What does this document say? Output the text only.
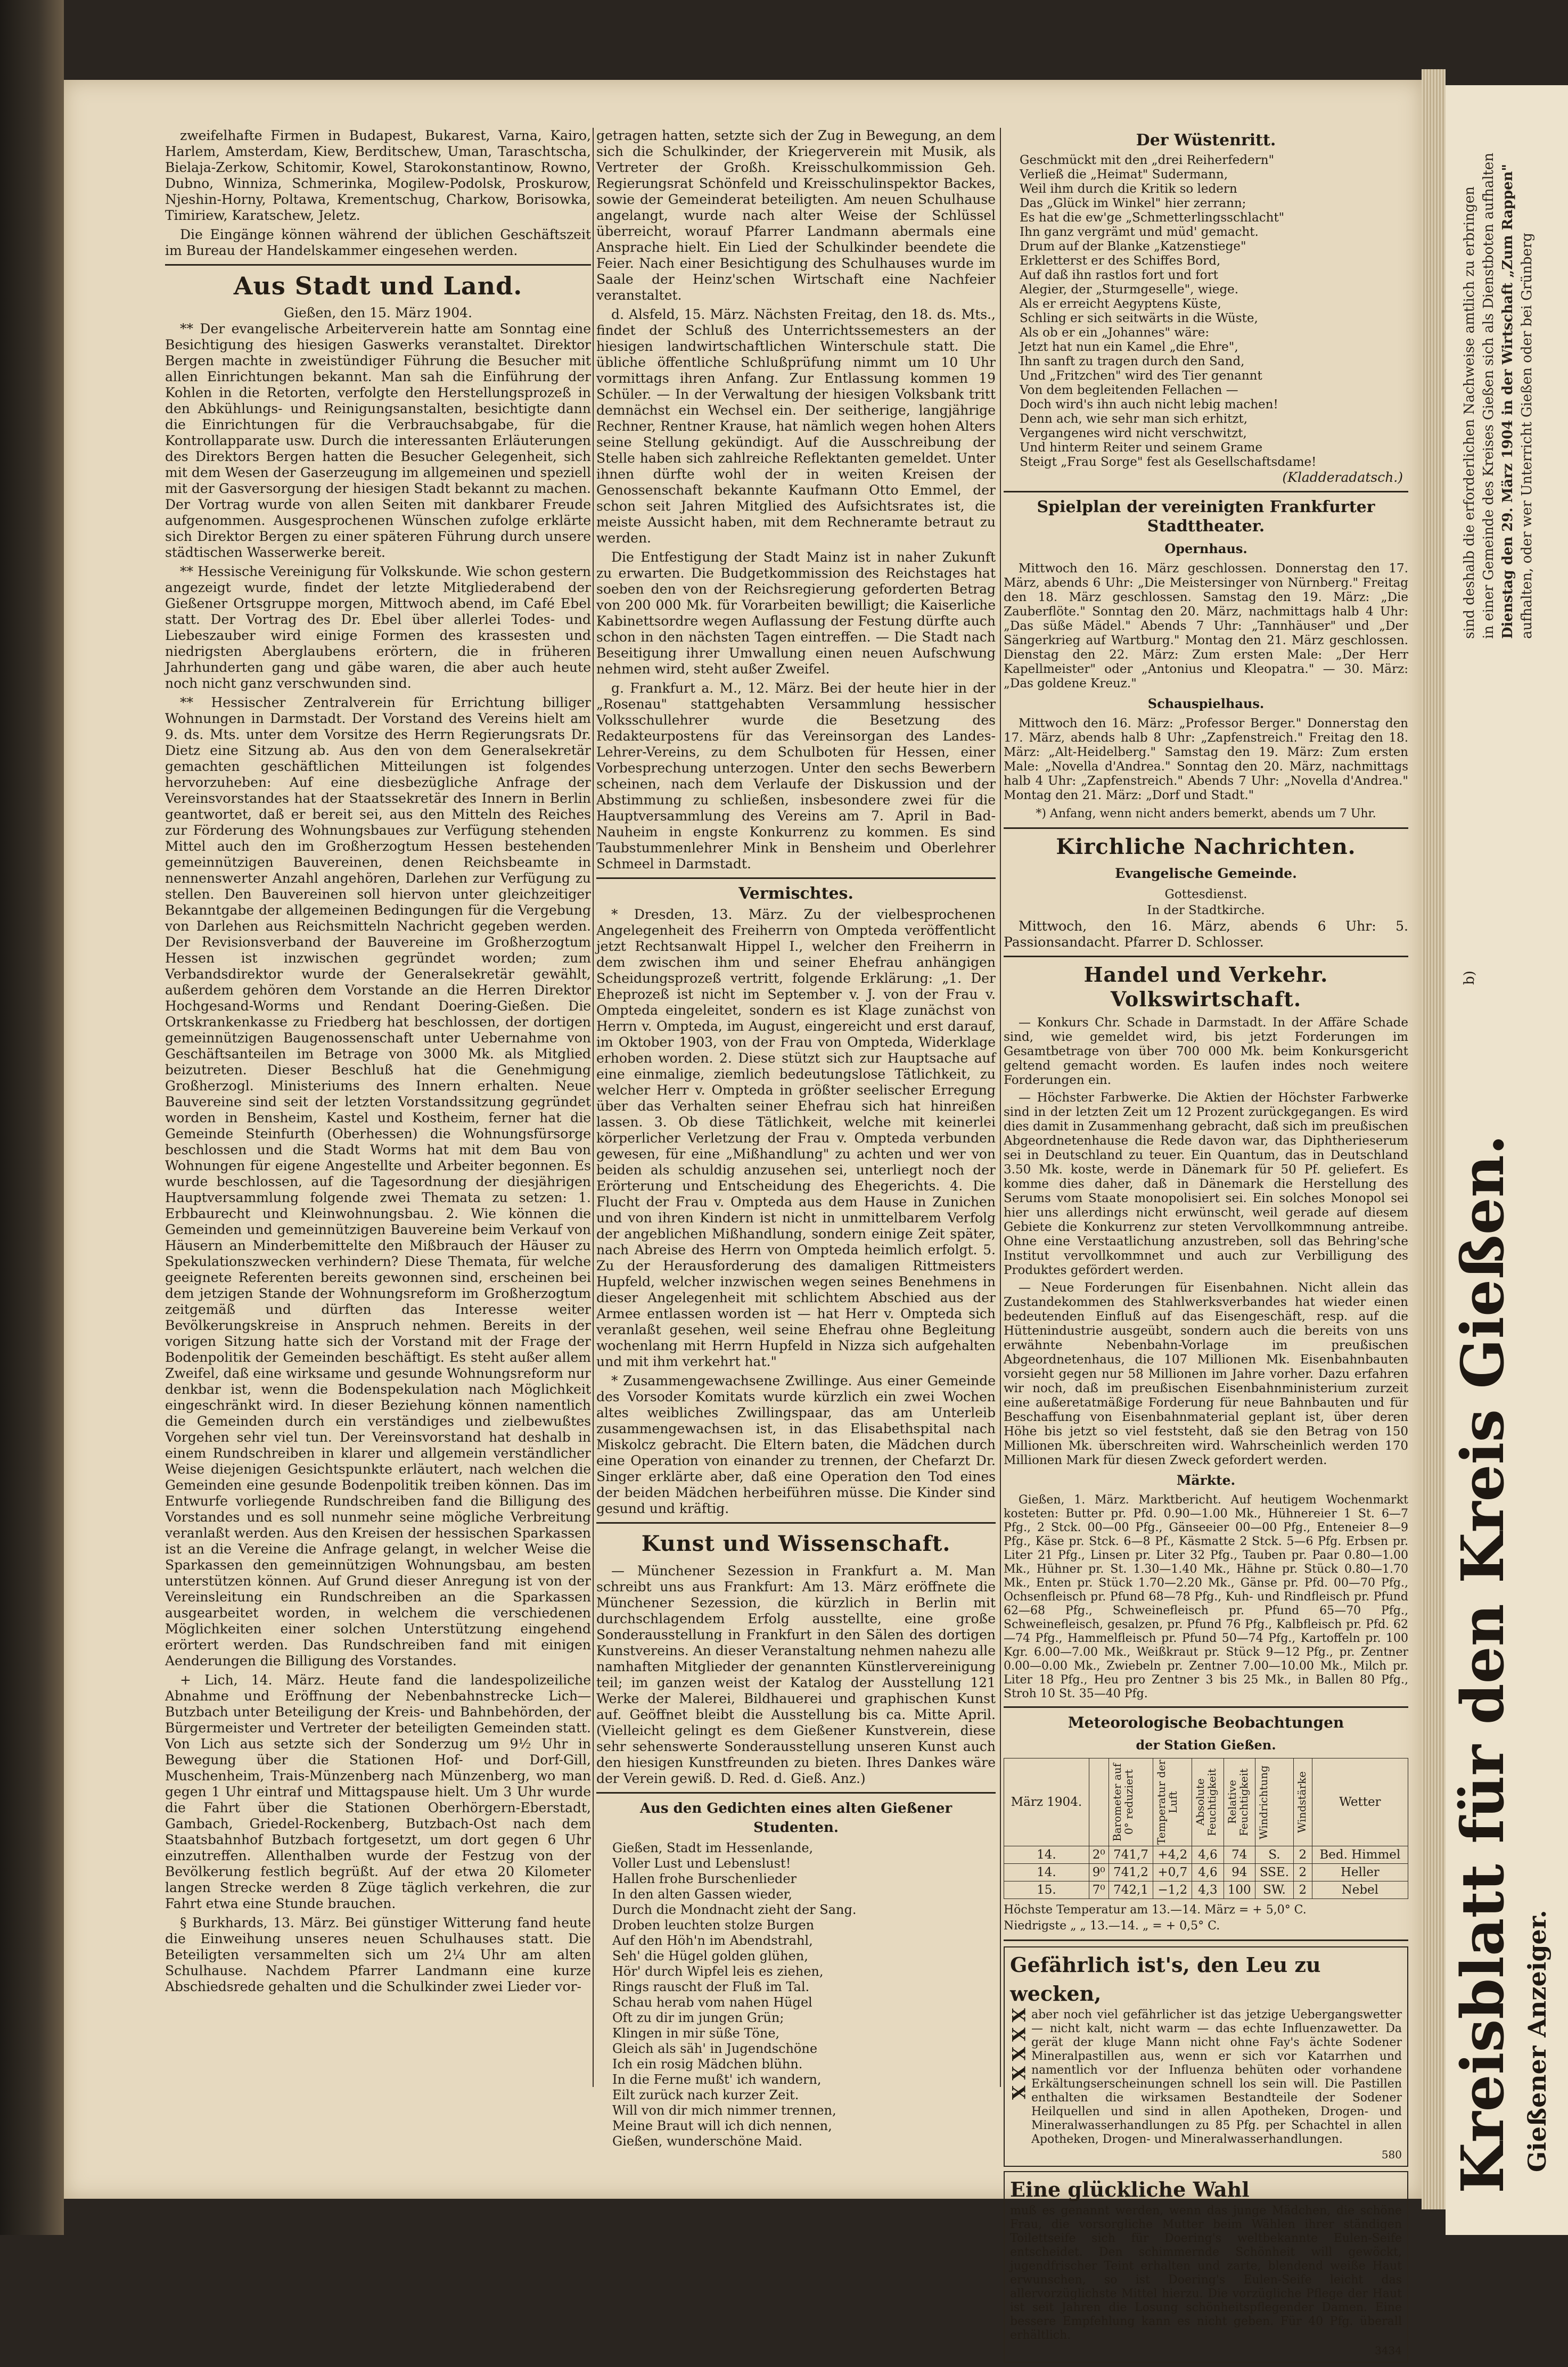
sind deshalb die erforderlichen Nachweise amtlich zu erbringen in einer Gemeinde des Kreises Gießen sich als Dienstboten aufhalten Dienstag den 29. März 1904 in der Wirtschaft „Zum Rappen" aufhalten, oder wer Unterricht Gießen oder bei Grünberg
b)
Kreisblatt für den Kreis Gießen. Gießener Anzeiger.

zweifelhafte Firmen in Budapest, Bukarest, Varna, Kairo, Harlem, Amsterdam, Kiew, Berditschew, Uman, Taraschtscha, Bielaja-Zerkow, Schitomir, Kowel, Starokonstantinow, Rowno, Dubno, Winniza, Schmerinka, Mogilew-Podolsk, Proskurow, Njeshin-Horny, Poltawa, Krementschug, Charkow, Borisowka, Timiriew, Karatschew, Jeletz.

Die Eingänge können während der üblichen Geschäftszeit im Bureau der Handelskammer eingesehen werden.

Aus Stadt und Land.
Gießen, den 15. März 1904.

** Der evangelische Arbeiterverein hatte am Sonntag eine Besichtigung des hiesigen Gaswerks veranstaltet. Direktor Bergen machte in zweistündiger Führung die Besucher mit allen Einrichtungen bekannt. Man sah die Einführung der Kohlen in die Retorten, verfolgte den Herstellungsprozeß in den Abkühlungs- und Reinigungsanstalten, besichtigte dann die Einrichtungen für die Verbrauchsabgabe, für die Kontrollapparate usw. Durch die interessanten Erläuterungen des Direktors Bergen hatten die Besucher Gelegenheit, sich mit dem Wesen der Gaserzeugung im allgemeinen und speziell mit der Gasversorgung der hiesigen Stadt bekannt zu machen. Der Vortrag wurde von allen Seiten mit dankbarer Freude aufgenommen. Ausgesprochenen Wünschen zufolge erklärte sich Direktor Bergen zu einer späteren Führung durch unsere städtischen Wasserwerke bereit.

** Hessische Vereinigung für Volkskunde. Wie schon gestern angezeigt wurde, findet der letzte Mitgliederabend der Gießener Ortsgruppe morgen, Mittwoch abend, im Café Ebel statt. Der Vortrag des Dr. Ebel über allerlei Todes- und Liebeszauber wird einige Formen des krassesten und niedrigsten Aberglaubens erörtern, die in früheren Jahrhunderten gang und gäbe waren, die aber auch heute noch nicht ganz verschwunden sind.

** Hessischer Zentralverein für Errichtung billiger Wohnungen in Darmstadt. Der Vorstand des Vereins hielt am 9. ds. Mts. unter dem Vorsitze des Herrn Regierungsrats Dr. Dietz eine Sitzung ab. Aus den von dem Generalsekretär gemachten geschäftlichen Mitteilungen ist folgendes hervorzuheben: Auf eine diesbezügliche Anfrage der Vereinsvorstandes hat der Staatssekretär des Innern in Berlin geantwortet, daß er bereit sei, aus den Mitteln des Reiches zur Förderung des Wohnungsbaues zur Verfügung stehenden Mittel auch den im Großherzogtum Hessen bestehenden gemeinnützigen Bauvereinen, denen Reichsbeamte in nennenswerter Anzahl angehören, Darlehen zur Verfügung zu stellen. Den Bauvereinen soll hiervon unter gleichzeitiger Bekanntgabe der allgemeinen Bedingungen für die Vergebung von Darlehen aus Reichsmitteln Nachricht gegeben werden. Der Revisionsverband der Bauvereine im Großherzogtum Hessen ist inzwischen gegründet worden; zum Verbandsdirektor wurde der Generalsekretär gewählt, außerdem gehören dem Vorstande an die Herren Direktor Hochgesand-Worms und Rendant Doering-Gießen. Die Ortskrankenkasse zu Friedberg hat beschlossen, der dortigen gemeinnützigen Baugenossenschaft unter Uebernahme von Geschäftsanteilen im Betrage von 3000 Mk. als Mitglied beizutreten. Dieser Beschluß hat die Genehmigung Großherzogl. Ministeriums des Innern erhalten. Neue Bauvereine sind seit der letzten Vorstandssitzung gegründet worden in Bensheim, Kastel und Kostheim, ferner hat die Gemeinde Steinfurth (Oberhessen) die Wohnungsfürsorge beschlossen und die Stadt Worms hat mit dem Bau von Wohnungen für eigene Angestellte und Arbeiter begonnen. Es wurde beschlossen, auf die Tagesordnung der diesjährigen Hauptversammlung folgende zwei Themata zu setzen: 1. Erbbaurecht und Kleinwohnungsbau. 2. Wie können die Gemeinden und gemeinnützigen Bauvereine beim Verkauf von Häusern an Minderbemittelte den Mißbrauch der Häuser zu Spekulationszwecken verhindern? Diese Themata, für welche geeignete Referenten bereits gewonnen sind, erscheinen bei dem jetzigen Stande der Wohnungsreform im Großherzogtum zeitgemäß und dürften das Interesse weiter Bevölkerungskreise in Anspruch nehmen. Bereits in der vorigen Sitzung hatte sich der Vorstand mit der Frage der Bodenpolitik der Gemeinden beschäftigt. Es steht außer allem Zweifel, daß eine wirksame und gesunde Wohnungsreform nur denkbar ist, wenn die Bodenspekulation nach Möglichkeit eingeschränkt wird. In dieser Beziehung können namentlich die Gemeinden durch ein verständiges und zielbewußtes Vorgehen sehr viel tun. Der Vereinsvorstand hat deshalb in einem Rundschreiben in klarer und allgemein verständlicher Weise diejenigen Gesichtspunkte erläutert, nach welchen die Gemeinden eine gesunde Bodenpolitik treiben können. Das im Entwurfe vorliegende Rundschreiben fand die Billigung des Vorstandes und es soll nunmehr seine mögliche Verbreitung veranlaßt werden. Aus den Kreisen der hessischen Sparkassen ist an die Vereine die Anfrage gelangt, in welcher Weise die Sparkassen den gemeinnützigen Wohnungsbau, am besten unterstützen können. Auf Grund dieser Anregung ist von der Vereinsleitung ein Rundschreiben an die Sparkassen ausgearbeitet worden, in welchem die verschiedenen Möglichkeiten einer solchen Unterstützung eingehend erörtert werden. Das Rundschreiben fand mit einigen Aenderungen die Billigung des Vorstandes.

+ Lich, 14. März. Heute fand die landespolizeiliche Abnahme und Eröffnung der Nebenbahnstrecke Lich—Butzbach unter Beteiligung der Kreis- und Bahnbehörden, der Bürgermeister und Vertreter der beteiligten Gemeinden statt. Von Lich aus setzte sich der Sonderzug um 9½ Uhr in Bewegung über die Stationen Hof- und Dorf-Gill, Muschenheim, Trais-Münzenberg nach Münzenberg, wo man gegen 1 Uhr eintraf und Mittagspause hielt. Um 3 Uhr wurde die Fahrt über die Stationen Oberhörgern-Eberstadt, Gambach, Griedel-Rockenberg, Butzbach-Ost nach dem Staatsbahnhof Butzbach fortgesetzt, um dort gegen 6 Uhr einzutreffen. Allenthalben wurde der Festzug von der Bevölkerung festlich begrüßt. Auf der etwa 20 Kilometer langen Strecke werden 8 Züge täglich verkehren, die zur Fahrt etwa eine Stunde brauchen.

§ Burkhards, 13. März. Bei günstiger Witterung fand heute die Einweihung unseres neuen Schulhauses statt. Die Beteiligten versammelten sich um 2¼ Uhr am alten Schulhause. Nachdem Pfarrer Landmann eine kurze Abschiedsrede gehalten und die Schulkinder zwei Lieder vor-

getragen hatten, setzte sich der Zug in Bewegung, an dem sich die Schulkinder, der Kriegerverein mit Musik, als Vertreter der Großh. Kreisschulkommission Geh. Regierungsrat Schönfeld und Kreisschulinspektor Backes, sowie der Gemeinderat beteiligten. Am neuen Schulhause angelangt, wurde nach alter Weise der Schlüssel überreicht, worauf Pfarrer Landmann abermals eine Ansprache hielt. Ein Lied der Schulkinder beendete die Feier. Nach einer Besichtigung des Schulhauses wurde im Saale der Heinz'schen Wirtschaft eine Nachfeier veranstaltet.

d. Alsfeld, 15. März. Nächsten Freitag, den 18. ds. Mts., findet der Schluß des Unterrichtssemesters an der hiesigen landwirtschaftlichen Winterschule statt. Die übliche öffentliche Schlußprüfung nimmt um 10 Uhr vormittags ihren Anfang. Zur Entlassung kommen 19 Schüler. — In der Verwaltung der hiesigen Volksbank tritt demnächst ein Wechsel ein. Der seitherige, langjährige Rechner, Rentner Krause, hat nämlich wegen hohen Alters seine Stellung gekündigt. Auf die Ausschreibung der Stelle haben sich zahlreiche Reflektanten gemeldet. Unter ihnen dürfte wohl der in weiten Kreisen der Genossenschaft bekannte Kaufmann Otto Emmel, der schon seit Jahren Mitglied des Aufsichtsrates ist, die meiste Aussicht haben, mit dem Rechneramte betraut zu werden.

Die Entfestigung der Stadt Mainz ist in naher Zukunft zu erwarten. Die Budgetkommission des Reichstages hat soeben den von der Reichsregierung geforderten Betrag von 200 000 Mk. für Vorarbeiten bewilligt; die Kaiserliche Kabinettsordre wegen Auflassung der Festung dürfte auch schon in den nächsten Tagen eintreffen. — Die Stadt nach Beseitigung ihrer Umwallung einen neuen Aufschwung nehmen wird, steht außer Zweifel.

g. Frankfurt a. M., 12. März. Bei der heute hier in der „Rosenau" stattgehabten Versammlung hessischer Volksschullehrer wurde die Besetzung des Redakteurpostens für das Vereinsorgan des Landes-Lehrer-Vereins, zu dem Schulboten für Hessen, einer Vorbesprechung unterzogen. Unter den sechs Bewerbern scheinen, nach dem Verlaufe der Diskussion und der Abstimmung zu schließen, insbesondere zwei für die Hauptversammlung des Vereins am 7. April in Bad-Nauheim in engste Konkurrenz zu kommen. Es sind Taubstummenlehrer Mink in Bensheim und Oberlehrer Schmeel in Darmstadt.

Vermischtes.

* Dresden, 13. März. Zu der vielbesprochenen Angelegenheit des Freiherrn von Ompteda veröffentlicht jetzt Rechtsanwalt Hippel I., welcher den Freiherrn in dem zwischen ihm und seiner Ehefrau anhängigen Scheidungsprozeß vertritt, folgende Erklärung: „1. Der Eheprozeß ist nicht im September v. J. von der Frau v. Ompteda eingeleitet, sondern es ist Klage zunächst von Herrn v. Ompteda, im August, eingereicht und erst darauf, im Oktober 1903, von der Frau von Ompteda, Widerklage erhoben worden. 2. Diese stützt sich zur Hauptsache auf eine einmalige, ziemlich bedeutungslose Tätlichkeit, zu welcher Herr v. Ompteda in größter seelischer Erregung über das Verhalten seiner Ehefrau sich hat hinreißen lassen. 3. Ob diese Tätlichkeit, welche mit keinerlei körperlicher Verletzung der Frau v. Ompteda verbunden gewesen, für eine „Mißhandlung" zu achten und wer von beiden als schuldig anzusehen sei, unterliegt noch der Erörterung und Entscheidung des Ehegerichts. 4. Die Flucht der Frau v. Ompteda aus dem Hause in Zunichen und von ihren Kindern ist nicht in unmittelbarem Verfolg der angeblichen Mißhandlung, sondern einige Zeit später, nach Abreise des Herrn von Ompteda heimlich erfolgt. 5. Zu der Herausforderung des damaligen Rittmeisters Hupfeld, welcher inzwischen wegen seines Benehmens in dieser Angelegenheit mit schlichtem Abschied aus der Armee entlassen worden ist — hat Herr v. Ompteda sich veranlaßt gesehen, weil seine Ehefrau ohne Begleitung wochenlang mit Herrn Hupfeld in Nizza sich aufgehalten und mit ihm verkehrt hat."

* Zusammengewachsene Zwillinge. Aus einer Gemeinde des Vorsoder Komitats wurde kürzlich ein zwei Wochen altes weibliches Zwillingspaar, das am Unterleib zusammengewachsen ist, in das Elisabethspital nach Miskolcz gebracht. Die Eltern baten, die Mädchen durch eine Operation von einander zu trennen, der Chefarzt Dr. Singer erklärte aber, daß eine Operation den Tod eines der beiden Mädchen herbeiführen müsse. Die Kinder sind gesund und kräftig.

Kunst und Wissenschaft.

— Münchener Sezession in Frankfurt a. M. Man schreibt uns aus Frankfurt: Am 13. März eröffnete die Münchener Sezession, die kürzlich in Berlin mit durchschlagendem Erfolg ausstellte, eine große Sonderausstellung in Frankfurt in den Sälen des dortigen Kunstvereins. An dieser Veranstaltung nehmen nahezu alle namhaften Mitglieder der genannten Künstlervereinigung teil; im ganzen weist der Katalog der Ausstellung 121 Werke der Malerei, Bildhauerei und graphischen Kunst auf. Geöffnet bleibt die Ausstellung bis ca. Mitte April. (Vielleicht gelingt es dem Gießener Kunstverein, diese sehr sehenswerte Sonderausstellung unseren Kunst auch den hiesigen Kunstfreunden zu bieten. Ihres Dankes wäre der Verein gewiß. D. Red. d. Gieß. Anz.)

Aus den Gedichten eines alten Gießener Studenten.
Gießen, Stadt im Hessenlande,
Voller Lust und Lebenslust!
Hallen frohe Burschenlieder
In den alten Gassen wieder,
Durch die Mondnacht zieht der Sang.
Droben leuchten stolze Burgen
Auf den Höh'n im Abendstrahl,
Seh' die Hügel golden glühen,
Hör' durch Wipfel leis es ziehen,
Rings rauscht der Fluß im Tal.
Schau herab vom nahen Hügel
Oft zu dir im jungen Grün;
Klingen in mir süße Töne,
Gleich als säh' in Jugendschöne
Ich ein rosig Mädchen blühn.
In die Ferne mußt' ich wandern,
Eilt zurück nach kurzer Zeit.
Will von dir mich nimmer trennen,
Meine Braut will ich dich nennen,
Gießen, wunderschöne Maid.
Der Wüstenritt.
Geschmückt mit den „drei Reiherfedern"
Verließ die „Heimat" Sudermann,
Weil ihm durch die Kritik so ledern
Das „Glück im Winkel" hier zerrann;
Es hat die ew'ge „Schmetterlingsschlacht"
Ihn ganz vergrämt und müd' gemacht.
Drum auf der Blanke „Katzenstiege"
Erkletterst er des Schiffes Bord,
Auf daß ihn rastlos fort und fort
Alegier, der „Sturmgeselle", wiege.
Als er erreicht Aegyptens Küste,
Schling er sich seitwärts in die Wüste,
Als ob er ein „Johannes" wäre:
Jetzt hat nun ein Kamel „die Ehre",
Ihn sanft zu tragen durch den Sand,
Und „Fritzchen" wird des Tier genannt
Von dem begleitenden Fellachen —
Doch wird's ihn auch nicht lebig machen!
Denn ach, wie sehr man sich erhitzt,
Vergangenes wird nicht verschwitzt,
Und hinterm Reiter und seinem Grame
Steigt „Frau Sorge" fest als Gesellschaftsdame!
(Kladderadatsch.)
Spielplan der vereinigten Frankfurter Stadttheater.
Opernhaus.

Mittwoch den 16. März geschlossen. Donnerstag den 17. März, abends 6 Uhr: „Die Meistersinger von Nürnberg." Freitag den 18. März geschlossen. Samstag den 19. März: „Die Zauberflöte." Sonntag den 20. März, nachmittags halb 4 Uhr: „Das süße Mädel." Abends 7 Uhr: „Tannhäuser" und „Der Sängerkrieg auf Wartburg." Montag den 21. März geschlossen. Dienstag den 22. März: Zum ersten Male: „Der Herr Kapellmeister" oder „Antonius und Kleopatra." — 30. März: „Das goldene Kreuz."

Schauspielhaus.

Mittwoch den 16. März: „Professor Berger." Donnerstag den 17. März, abends halb 8 Uhr: „Zapfenstreich." Freitag den 18. März: „Alt-Heidelberg." Samstag den 19. März: Zum ersten Male: „Novella d'Andrea." Sonntag den 20. März, nachmittags halb 4 Uhr: „Zapfenstreich." Abends 7 Uhr: „Novella d'Andrea." Montag den 21. März: „Dorf und Stadt."

*) Anfang, wenn nicht anders bemerkt, abends um 7 Uhr.
Kirchliche Nachrichten.
Evangelische Gemeinde.
Gottesdienst.
In der Stadtkirche.

Mittwoch, den 16. März, abends 6 Uhr: 5. Passionsandacht. Pfarrer D. Schlosser.

Handel und Verkehr. Volkswirtschaft.

— Konkurs Chr. Schade in Darmstadt. In der Affäre Schade sind, wie gemeldet wird, bis jetzt Forderungen im Gesamtbetrage von über 700 000 Mk. beim Konkursgericht geltend gemacht worden. Es laufen indes noch weitere Forderungen ein.

— Höchster Farbwerke. Die Aktien der Höchster Farbwerke sind in der letzten Zeit um 12 Prozent zurückgegangen. Es wird dies damit in Zusammenhang gebracht, daß sich im preußischen Abgeordnetenhause die Rede davon war, das Diphtherieserum sei in Deutschland zu teuer. Ein Quantum, das in Deutschland 3.50 Mk. koste, werde in Dänemark für 50 Pf. geliefert. Es komme dies daher, daß in Dänemark die Herstellung des Serums vom Staate monopolisiert sei. Ein solches Monopol sei hier uns allerdings nicht erwünscht, weil gerade auf diesem Gebiete die Konkurrenz zur steten Vervollkommnung antreibe. Ohne eine Verstaatlichung anzustreben, soll das Behring'sche Institut vervollkommnet und auch zur Verbilligung des Produktes gefördert werden.

— Neue Forderungen für Eisenbahnen. Nicht allein das Zustandekommen des Stahlwerksverbandes hat wieder einen bedeutenden Einfluß auf das Eisengeschäft, resp. auf die Hüttenindustrie ausgeübt, sondern auch die bereits von uns erwähnte Nebenbahn-Vorlage im preußischen Abgeordnetenhaus, die 107 Millionen Mk. Eisenbahnbauten vorsieht gegen nur 58 Millionen im Jahre vorher. Dazu erfahren wir noch, daß im preußischen Eisenbahnministerium zurzeit eine außeretatmäßige Forderung für neue Bahnbauten und für Beschaffung von Eisenbahnmaterial geplant ist, über deren Höhe bis jetzt so viel feststeht, daß sie den Betrag von 150 Millionen Mk. überschreiten wird. Wahrscheinlich werden 170 Millionen Mark für diesen Zweck gefordert werden.

Märkte.

Gießen, 1. März. Marktbericht. Auf heutigem Wochenmarkt kosteten: Butter pr. Pfd. 0.90—1.00 Mk., Hühnereier 1 St. 6—7 Pfg., 2 Stck. 00—00 Pfg., Gänseeier 00—00 Pfg., Enteneier 8—9 Pfg., Käse pr. Stck. 6—8 Pf., Käsmatte 2 Stck. 5—6 Pfg. Erbsen pr. Liter 21 Pfg., Linsen pr. Liter 32 Pfg., Tauben pr. Paar 0.80—1.00 Mk., Hühner pr. St. 1.30—1.40 Mk., Hähne pr. Stück 0.80—1.70 Mk., Enten pr. Stück 1.70—2.20 Mk., Gänse pr. Pfd. 00—70 Pfg., Ochsenfleisch pr. Pfund 68—78 Pfg., Kuh- und Rindfleisch pr. Pfund 62—68 Pfg., Schweinefleisch pr. Pfund 65—70 Pfg., Schweinefleisch, gesalzen, pr. Pfund 76 Pfg., Kalbfleisch pr. Pfd. 62—74 Pfg., Hammelfleisch pr. Pfund 50—74 Pfg., Kartoffeln pr. 100 Kgr. 6.00—7.00 Mk., Weißkraut pr. Stück 9—12 Pfg., pr. Zentner 0.00—0.00 Mk., Zwiebeln pr. Zentner 7.00—10.00 Mk., Milch pr. Liter 18 Pfg., Heu pro Zentner 3 bis 25 Mk., in Ballen 80 Pfg., Stroh 10 St. 35—40 Pfg.

Meteorologische Beobachtungen
der Station Gießen.
März 1904.		Barometer auf 0° reduziert	Temperatur der Luft	Absolute Feuchtigkeit	Relative Feuchtigkeit	Windrichtung	Windstärke	Wetter
14.	2⁰	741,7	+4,2	4,6	74	S.	2	Bed. Himmel
14.	9⁰	741,2	+0,7	4,6	94	SSE.	2	Heller
15.	7⁰	742,1	−1,2	4,3	100	SW.	2	Nebel
Höchste Temperatur am 13.—14. März = + 5,0° C.
Niedrigste „ „ 13.—14. „ = + 0,5° C.
Gefährlich ist's, den Leu zu wecken,
XXXXX aber noch viel gefährlicher ist das jetzige Uebergangswetter — nicht kalt, nicht warm — das echte Influenzawetter. Da gerät der kluge Mann nicht ohne Fay's ächte Sodener Mineralpastillen aus, wenn er sich vor Katarrhen und namentlich vor der Influenza behüten oder vorhandene Erkältungserscheinungen schnell los sein will. Die Pastillen enthalten die wirksamen Bestandteile der Sodener Heilquellen und sind in allen Apotheken, Drogen- und Mineralwasserhandlungen zu 85 Pfg. per Schachtel in allen Apotheken, Drogen- und Mineralwasserhandlungen.
580
Eine glückliche Wahl
muß es genannt werden, wenn das junge Mädchen, die schöne Frau, die vorsorgliche Mutter beim Wählen ihrer ständigen Toilettseife sich für Doering's weltbekannte Eulen-Seife entscheidet. Den schimmernde Schönheit will gewöckt, jugendfrischer Teint erhalten und zarte, blendend weiße Haut erwunschen, so ist Doering's Eulen-Seife leicht das allervorzüglichste Mittel hierzu. Die vorzügliche Pflege der Haut ist seit Jahren die Losung schönheitspflegender Damen. Eine bessere Empfehlung kann es nicht geben. Für 40 Pfg. überall erhältlich.
3434
